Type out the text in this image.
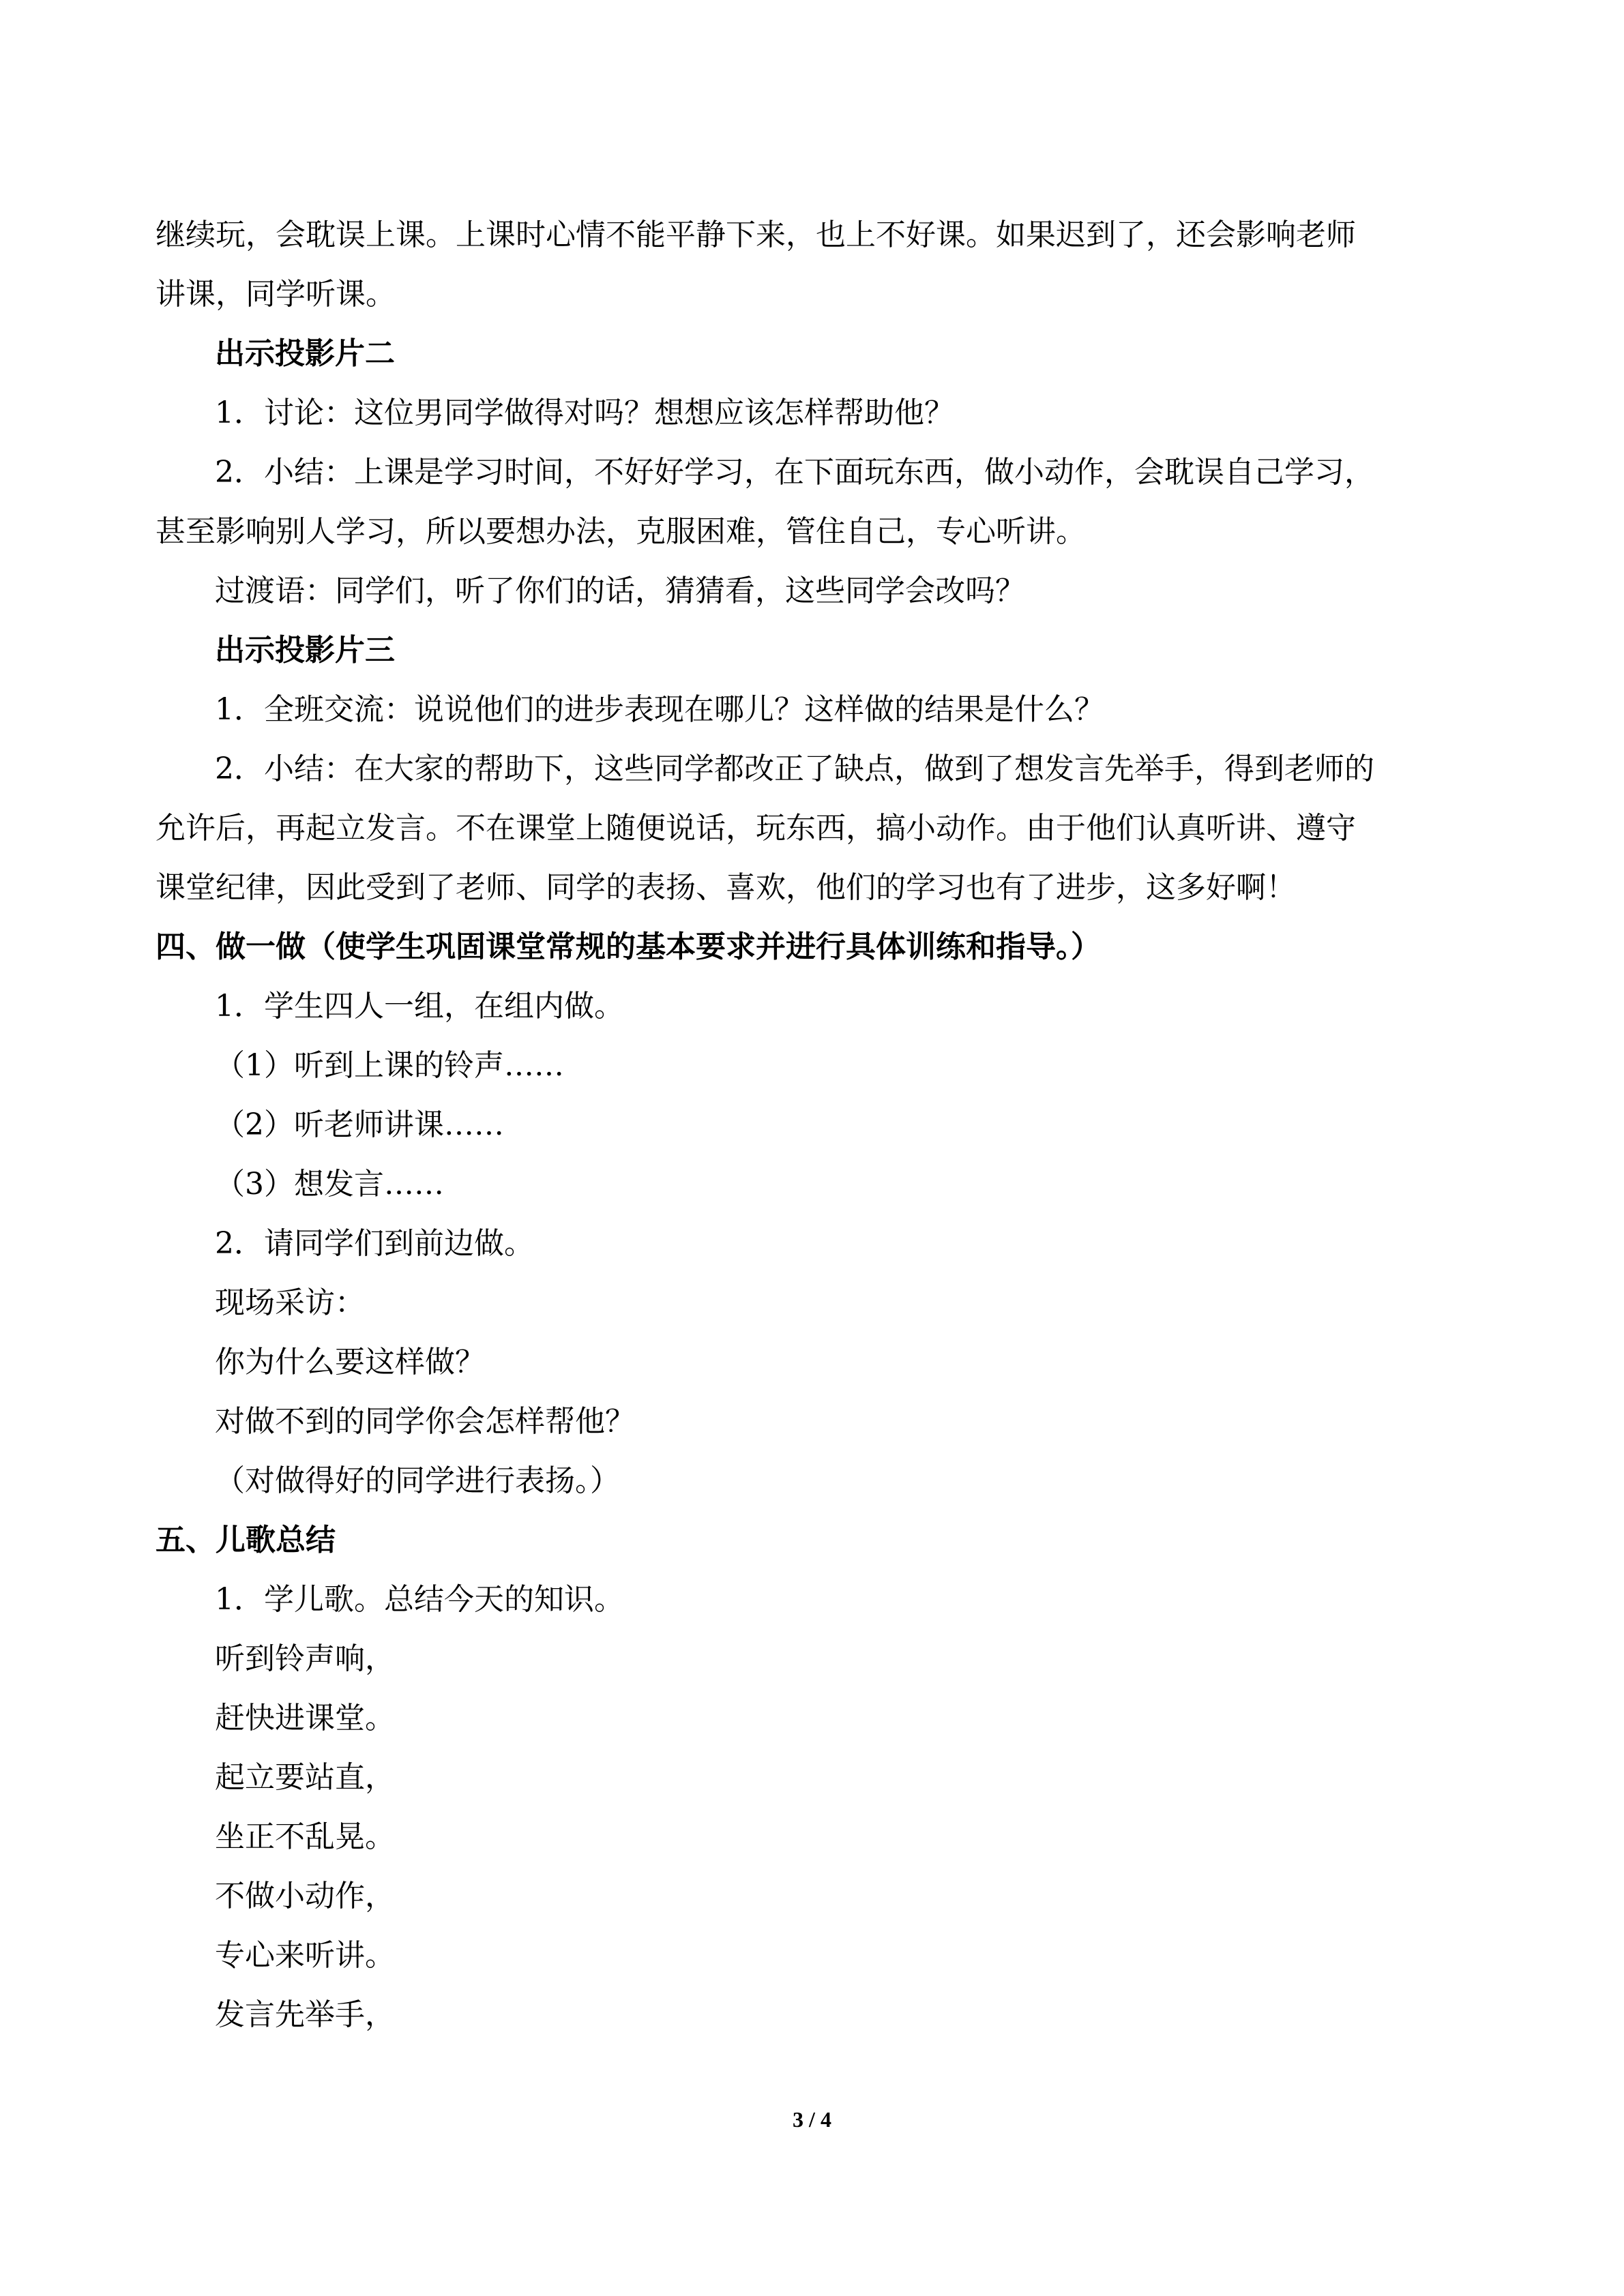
继续玩，会耽误上课。上课时心情不能平静下来，也上不好课。如果迟到了，还会影响老师
讲课，同学听课。
出示投影片二
1．讨论：这位男同学做得对吗？想想应该怎样帮助他？
2．小结：上课是学习时间，不好好学习，在下面玩东西，做小动作，会耽误自己学习，
甚至影响别人学习，所以要想办法，克服困难，管住自己，专心听讲。
过渡语：同学们，听了你们的话，猜猜看，这些同学会改吗？
出示投影片三
1．全班交流：说说他们的进步表现在哪儿？这样做的结果是什么？
2．小结：在大家的帮助下，这些同学都改正了缺点，做到了想发言先举手，得到老师的
允许后，再起立发言。不在课堂上随便说话，玩东西，搞小动作。由于他们认真听讲、遵守
课堂纪律，因此受到了老师、同学的表扬、喜欢，他们的学习也有了进步，这多好啊！
四、做一做（使学生巩固课堂常规的基本要求并进行具体训练和指导。）
1．学生四人一组，在组内做。
（1）听到上课的铃声……
（2）听老师讲课……
（3）想发言……
2．请同学们到前边做。
现场采访：
你为什么要这样做？
对做不到的同学你会怎样帮他？
（对做得好的同学进行表扬。）
五、儿歌总结
1．学儿歌。总结今天的知识。
听到铃声响，
赶快进课堂。
起立要站直，
坐正不乱晃。
不做小动作，
专心来听讲。
发言先举手，
3 / 4
